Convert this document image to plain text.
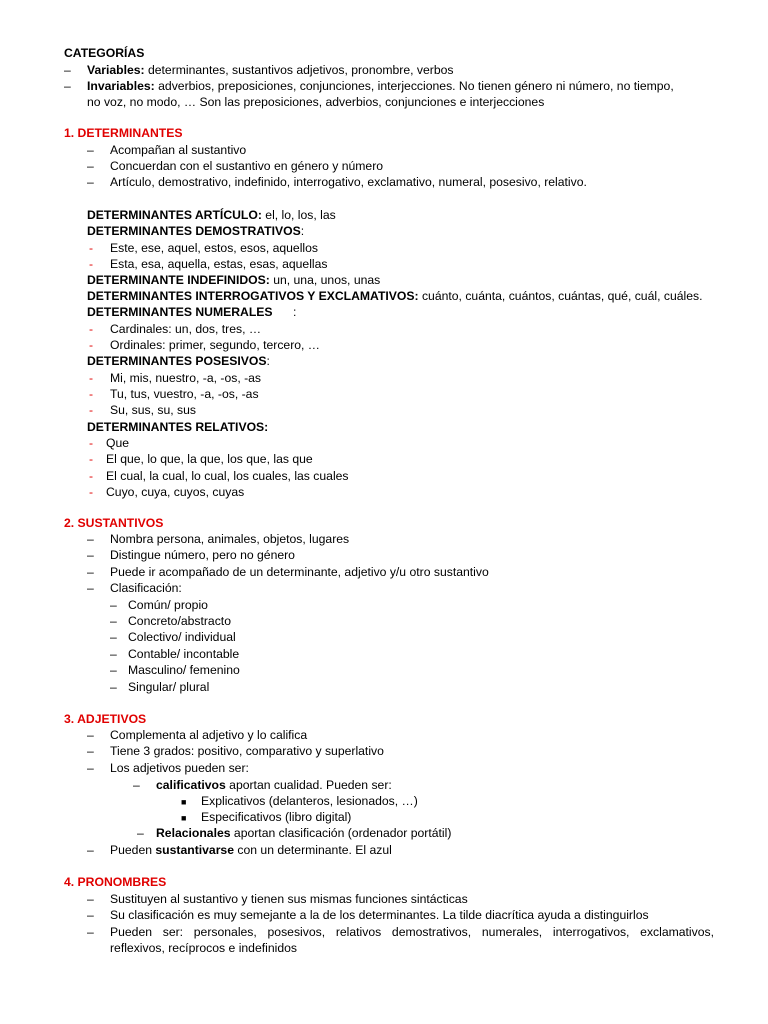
CATEGORÍAS
– Variables: determinantes, sustantivos adjetivos, pronombre, verbos
– Invariables: adverbios, preposiciones, conjunciones, interjecciones. No tienen género ni número, no tiempo,
no voz, no modo, … Son las preposiciones, adverbios, conjunciones e interjecciones
1. DETERMINANTES
– Acompañan al sustantivo
– Concuerdan con el sustantivo en género y número
– Artículo, demostrativo, indefinido, interrogativo, exclamativo, numeral, posesivo, relativo.
DETERMINANTES ARTÍCULO: el, lo, los, las
DETERMINANTES DEMOSTRATIVOS:
- Este, ese, aquel, estos, esos, aquellos
- Esta, esa, aquella, estas, esas, aquellas
DETERMINANTE INDEFINIDOS: un, una, unos, unas
DETERMINANTES INTERROGATIVOS Y EXCLAMATIVOS: cuánto, cuánta, cuántos, cuántas, qué, cuál, cuáles.
DETERMINANTES NUMERALES :
- Cardinales: un, dos, tres, …
- Ordinales: primer, segundo, tercero, …
DETERMINANTES POSESIVOS:
- Mi, mis, nuestro, -a, -os, -as
- Tu, tus, vuestro, -a, -os, -as
- Su, sus, su, sus
DETERMINANTES RELATIVOS:
- Que
- El que, lo que, la que, los que, las que
- El cual, la cual, lo cual, los cuales, las cuales
- Cuyo, cuya, cuyos, cuyas
2. SUSTANTIVOS
– Nombra persona, animales, objetos, lugares
– Distingue número, pero no género
– Puede ir acompañado de un determinante, adjetivo y/u otro sustantivo
– Clasificación:
– Común/ propio
– Concreto/abstracto
– Colectivo/ individual
– Contable/ incontable
– Masculino/ femenino
– Singular/ plural
3. ADJETIVOS
– Complementa al adjetivo y lo califica
– Tiene 3 grados: positivo, comparativo y superlativo
– Los adjetivos pueden ser:
– calificativos aportan cualidad. Pueden ser:
■ Explicativos (delanteros, lesionados, …)
■ Especificativos (libro digital)
– Relacionales aportan clasificación (ordenador portátil)
– Pueden sustantivarse con un determinante. El azul
4. PRONOMBRES
– Sustituyen al sustantivo y tienen sus mismas funciones sintácticas
– Su clasificación es muy semejante a la de los determinantes. La tilde diacrítica ayuda a distinguirlos
– Pueden ser: personales, posesivos, relativos demostrativos, numerales, interrogativos, exclamativos,
reflexivos, recíprocos e indefinidos
